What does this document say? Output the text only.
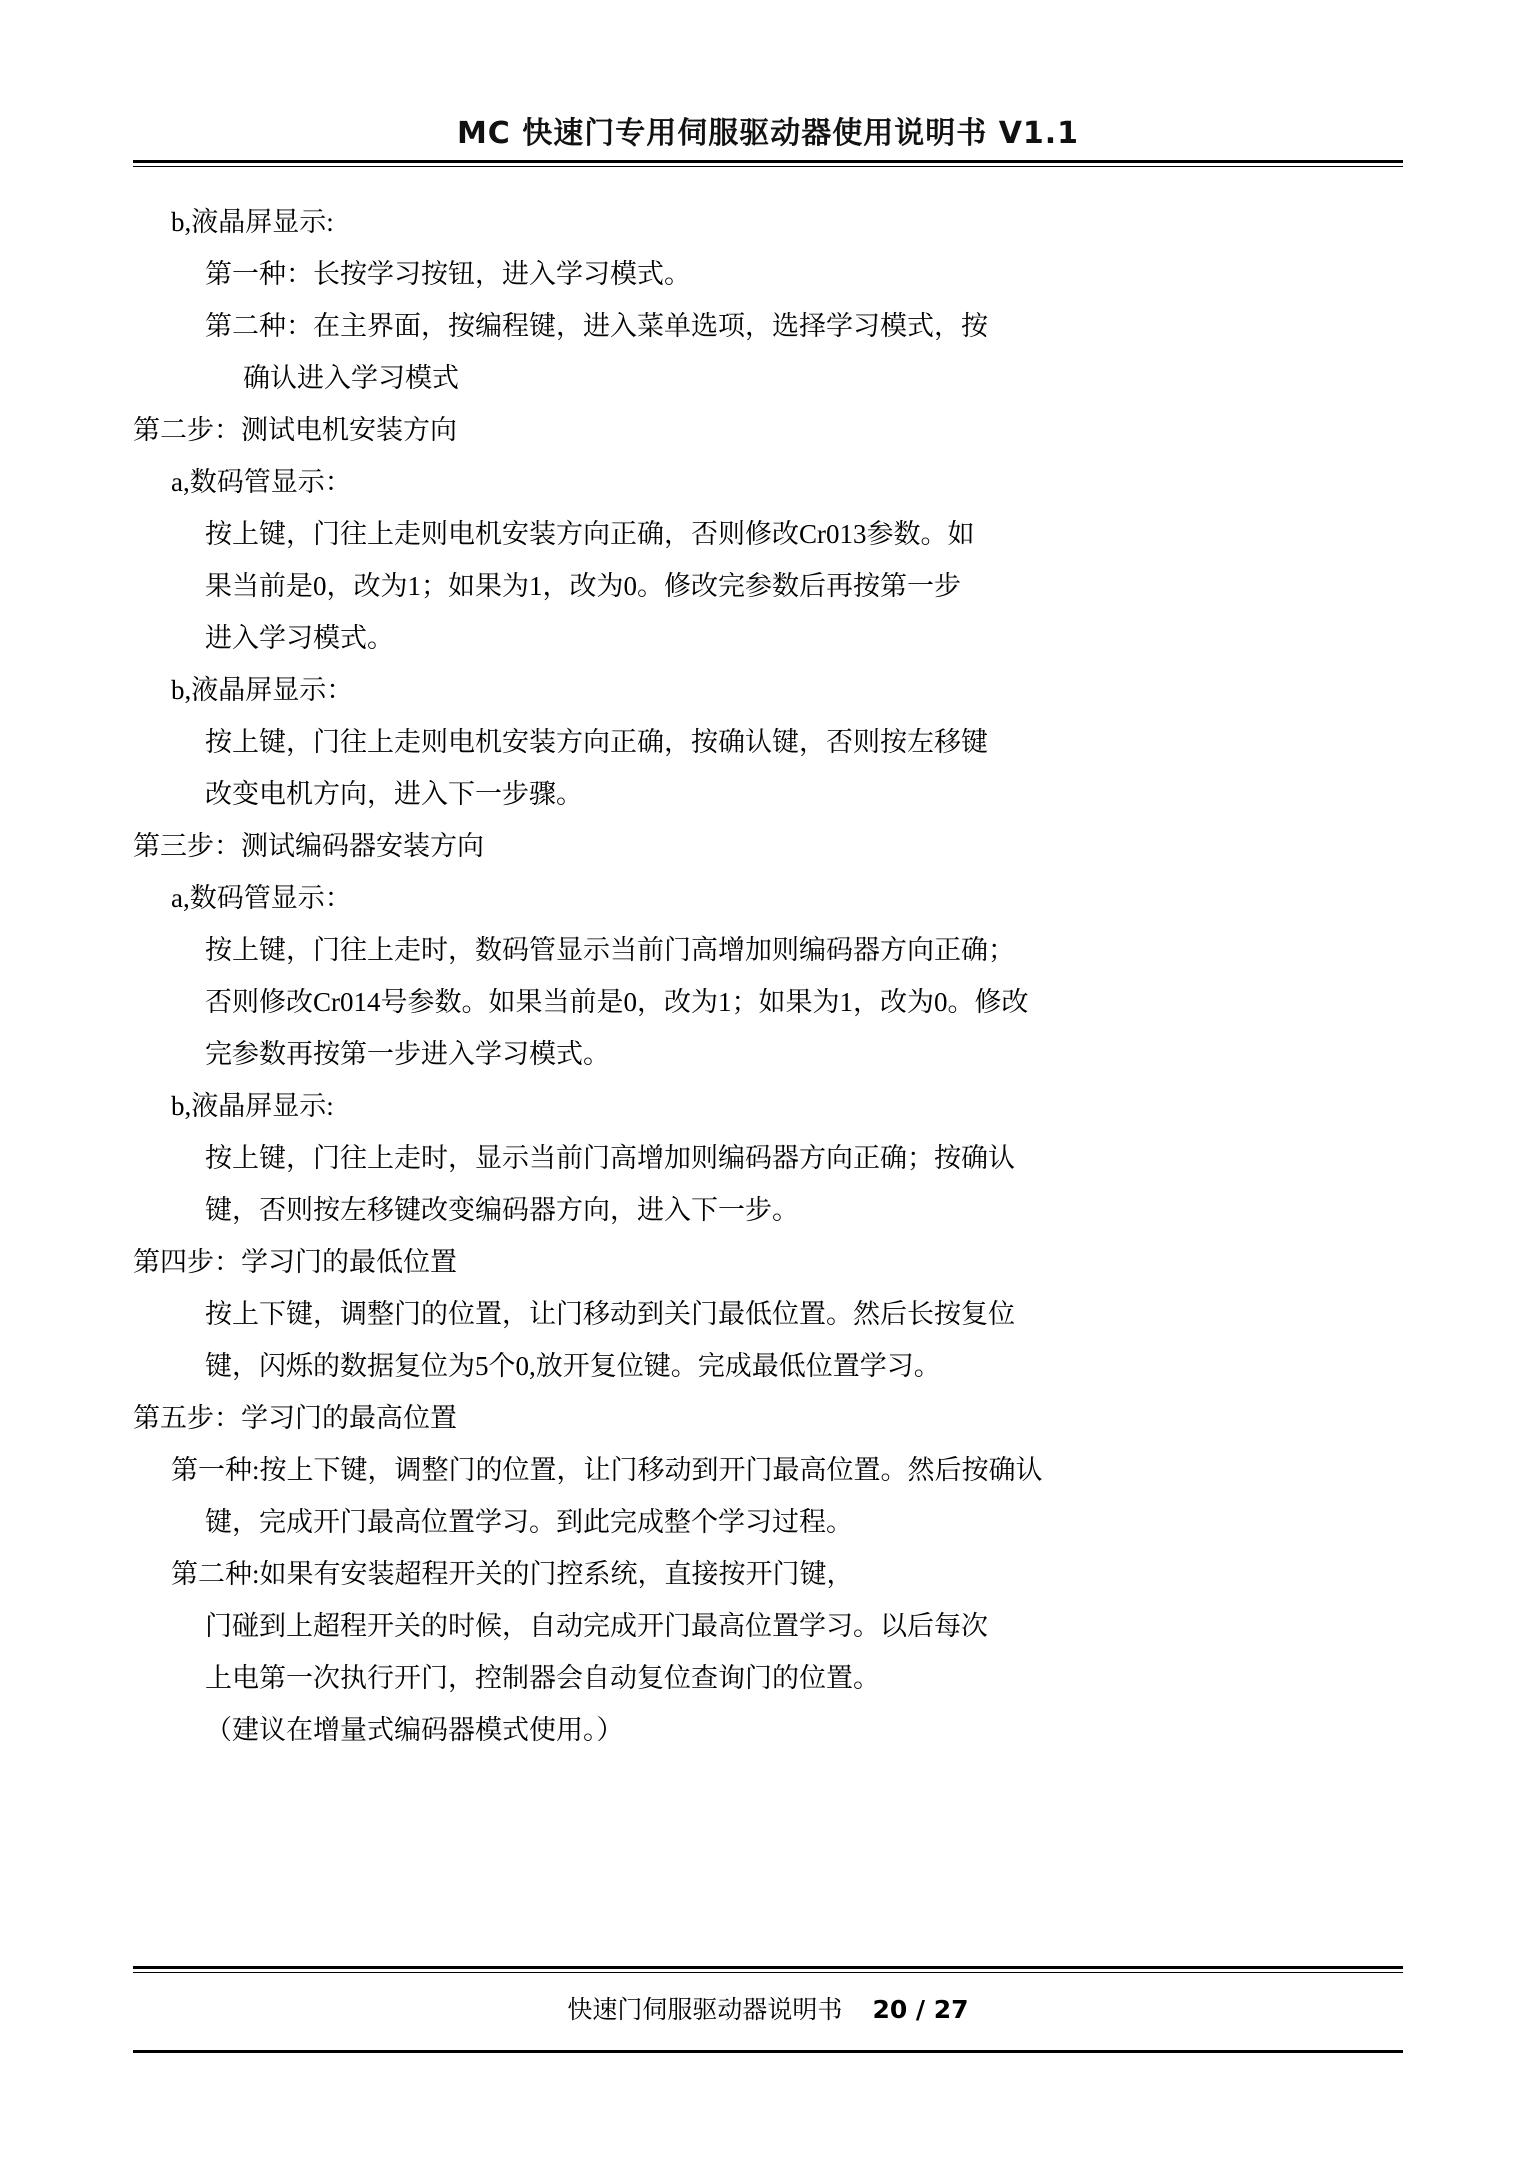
MC 快速门专用伺服驱动器使用说明书 V1.1
b,液晶屏显示:
第一种：长按学习按钮，进入学习模式。
第二种：在主界面，按编程键，进入菜单选项，选择学习模式，按
确认进入学习模式
第二步：测试电机安装方向
a,数码管显示：
按上键，门往上走则电机安装方向正确，否则修改Cr013参数。如
果当前是0，改为1；如果为1，改为0。修改完参数后再按第一步
进入学习模式。
b,液晶屏显示：
按上键，门往上走则电机安装方向正确，按确认键，否则按左移键
改变电机方向，进入下一步骤。
第三步：测试编码器安装方向
a,数码管显示：
按上键，门往上走时，数码管显示当前门高增加则编码器方向正确；
否则修改Cr014号参数。如果当前是0，改为1；如果为1，改为0。修改
完参数再按第一步进入学习模式。
b,液晶屏显示:
按上键，门往上走时，显示当前门高增加则编码器方向正确；按确认
键，否则按左移键改变编码器方向，进入下一步。
第四步：学习门的最低位置
按上下键，调整门的位置，让门移动到关门最低位置。然后长按复位
键，闪烁的数据复位为5个0,放开复位键。完成最低位置学习。
第五步：学习门的最高位置
第一种:按上下键，调整门的位置，让门移动到开门最高位置。然后按确认
键，完成开门最高位置学习。到此完成整个学习过程。
第二种:如果有安装超程开关的门控系统，直接按开门键，
门碰到上超程开关的时候，自动完成开门最高位置学习。以后每次
上电第一次执行开门，控制器会自动复位查询门的位置。
（建议在增量式编码器模式使用。）
快速门伺服驱动器说明书 20 / 27
